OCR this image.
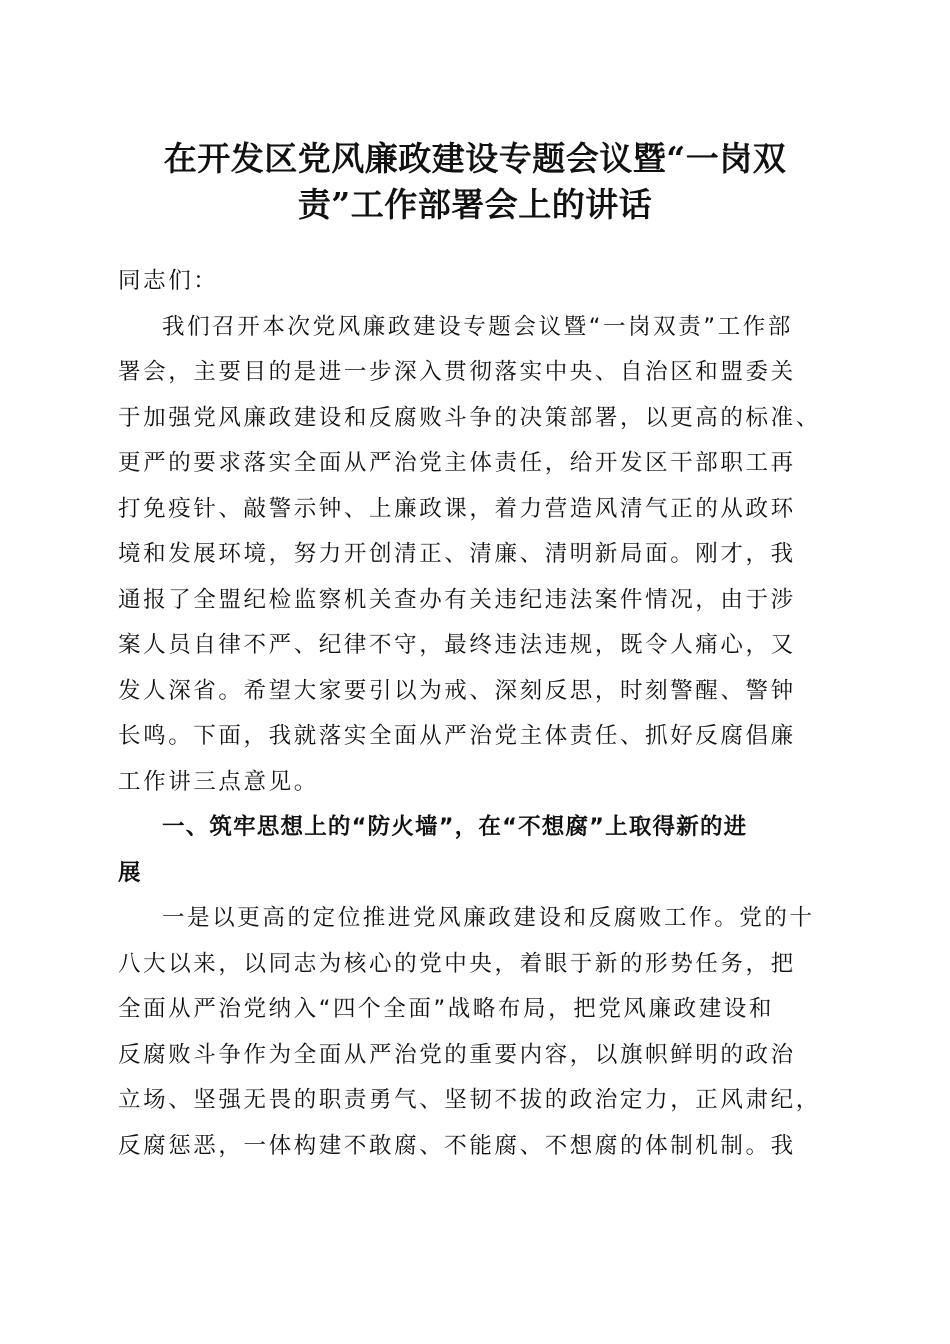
在开发区党风廉政建设专题会议暨“一岗双
责”工作部署会上的讲话
同志们：
我们召开本次党风廉政建设专题会议暨“一岗双责”工作部
署会，主要目的是进一步深入贯彻落实中央、自治区和盟委关
于加强党风廉政建设和反腐败斗争的决策部署，以更高的标准、
更严的要求落实全面从严治党主体责任，给开发区干部职工再
打免疫针、敲警示钟、上廉政课，着力营造风清气正的从政环
境和发展环境，努力开创清正、清廉、清明新局面。刚才，我
通报了全盟纪检监察机关查办有关违纪违法案件情况，由于涉
案人员自律不严、纪律不守，最终违法违规，既令人痛心，又
发人深省。希望大家要引以为戒、深刻反思，时刻警醒、警钟
长鸣。下面，我就落实全面从严治党主体责任、抓好反腐倡廉
工作讲三点意见。
一、筑牢思想上的“防火墙”，在“不想腐”上取得新的进
展
一是以更高的定位推进党风廉政建设和反腐败工作。党的十
八大以来，以同志为核心的党中央，着眼于新的形势任务，把
全面从严治党纳入“四个全面”战略布局，把党风廉政建设和
反腐败斗争作为全面从严治党的重要内容，以旗帜鲜明的政治
立场、坚强无畏的职责勇气、坚韧不拔的政治定力，正风肃纪，
反腐惩恶，一体构建不敢腐、不能腐、不想腐的体制机制。我
